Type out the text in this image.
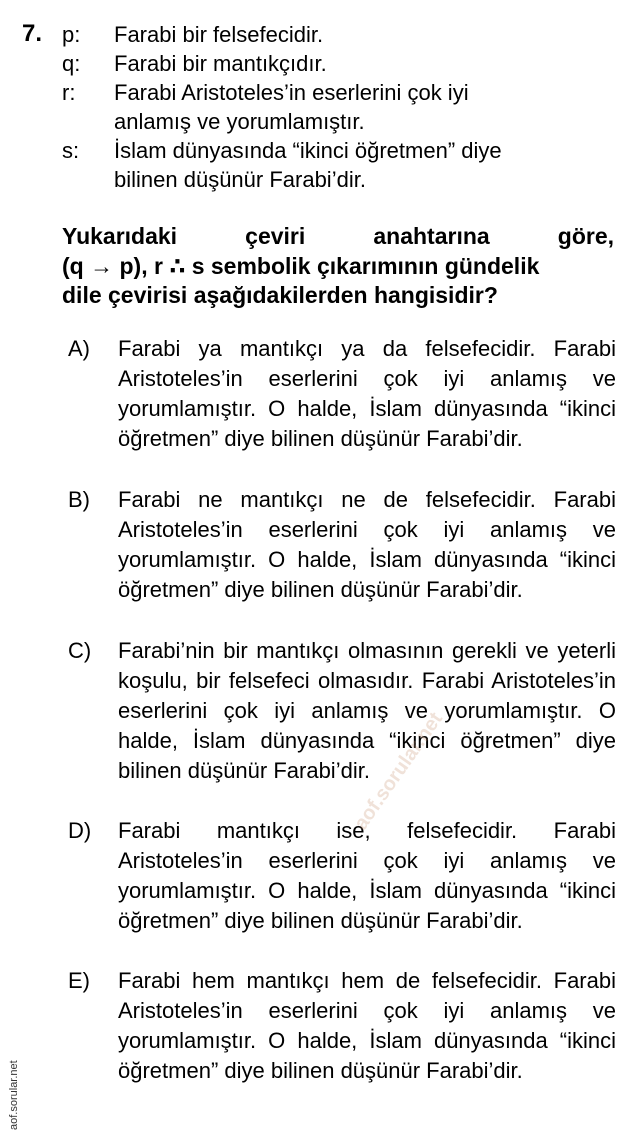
7. p: Farabi bir felsefecidir.
q: Farabi bir mantıkçıdır.
r: Farabi Aristoteles’in eserlerini çok iyi
anlamış ve yorumlamıştır.
s: İslam dünyasında “ikinci öğretmen” diye
bilinen düşünür Farabi’dir.
Yukarıdaki çeviri anahtarına göre,
(q → p), r ∴ s sembolik çıkarımının gündelik
dile çevirisi aşağıdakilerden hangisidir?
A) Farabi ya mantıkçı ya da felsefecidir. Farabi Aristoteles’in eserlerini çok iyi anlamış ve yorumlamıştır. O halde, İslam dünyasında “ikinci öğretmen” diye bilinen düşünür Farabi’dir.
B) Farabi ne mantıkçı ne de felsefecidir. Farabi Aristoteles’in eserlerini çok iyi anlamış ve yorumlamıştır. O halde, İslam dünyasında “ikinci öğretmen” diye bilinen düşünür Farabi’dir.
C) Farabi’nin bir mantıkçı olmasının gerekli ve yeterli koşulu, bir felsefeci olmasıdır. Farabi Aristoteles’in eserlerini çok iyi anlamış ve yorumlamıştır. O halde, İslam dünyasında “ikinci öğretmen” diye bilinen düşünür Farabi’dir.
D) Farabi mantıkçı ise, felsefecidir. Farabi Aristoteles’in eserlerini çok iyi anlamış ve yorumlamıştır. O halde, İslam dünyasında “ikinci öğretmen” diye bilinen düşünür Farabi’dir.
E) Farabi hem mantıkçı hem de felsefecidir. Farabi Aristoteles’in eserlerini çok iyi anlamış ve yorumlamıştır. O halde, İslam dünyasında “ikinci öğretmen” diye bilinen düşünür Farabi’dir.
aof.sorular.net
aof.sorular.net
